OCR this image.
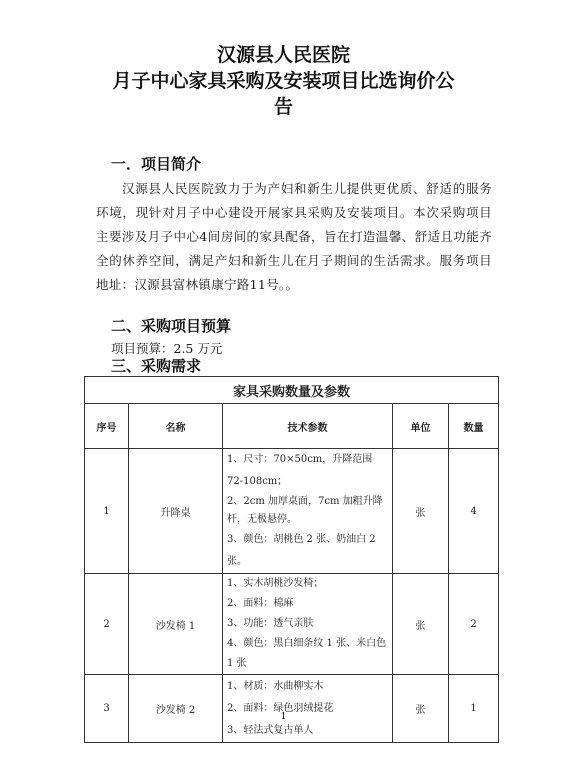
汉源县人民医院
月子中心家具采购及安装项目比选询价公
告
一．项目简介
汉源县人民医院致力于为产妇和新生儿提供更优质、舒适的服务环境，现针对月子中心建设开展家具采购及安装项目。本次采购项目主要涉及月子中心4间房间的家具配备，旨在打造温馨、舒适且功能齐全的休养空间，满足产妇和新生儿在月子期间的生活需求。服务项目地址：汉源县富林镇康宁路11号。。
二、采购项目预算
项目预算：2.5 万元
三、采购需求
家具采购数量及参数				
序号	名称	技术参数	单位	数量
1	升降桌	1、尺寸：70×50cm，升降范围 72-108cm；
2、2cm 加厚桌面，7cm 加粗升降杆，无极悬停。
3、颜色：胡桃色 2 张、奶油白 2 张。	张	4
2	沙发椅 1	1、实木胡桃沙发椅；
2、面料：棉麻
3、功能：透气亲肤
4、颜色：黑白细条纹 1 张、米白色 1 张	张	2
3	沙发椅 2	1、材质：水曲柳实木
2、面料：绿色羽绒提花
3、轻法式复古单人	张	1
1
